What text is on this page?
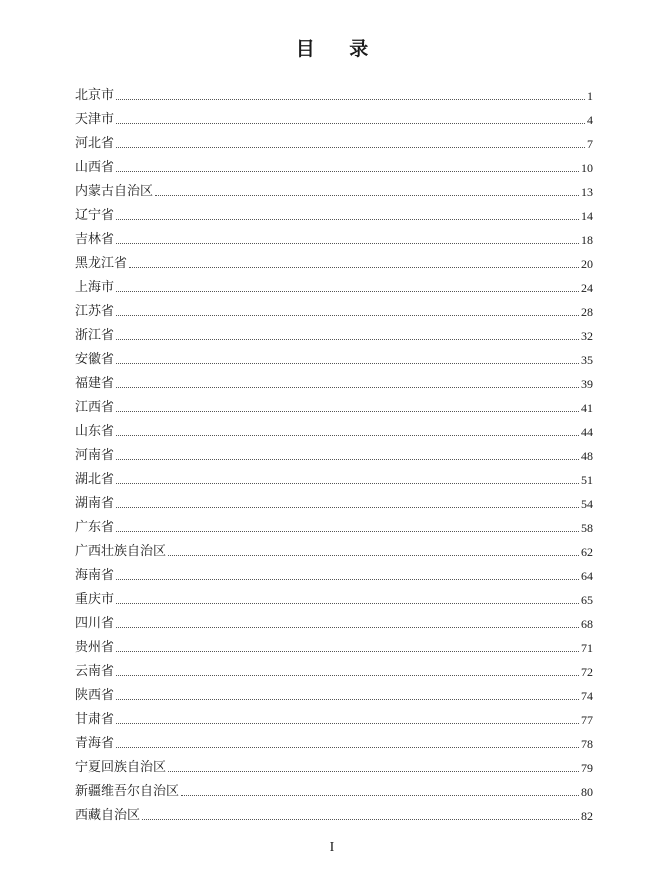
目 录
北京市	1
天津市	4
河北省	7
山西省	10
内蒙古自治区	13
辽宁省	14
吉林省	18
黑龙江省	20
上海市	24
江苏省	28
浙江省	32
安徽省	35
福建省	39
江西省	41
山东省	44
河南省	48
湖北省	51
湖南省	54
广东省	58
广西壮族自治区	62
海南省	64
重庆市	65
四川省	68
贵州省	71
云南省	72
陕西省	74
甘肃省	77
青海省	78
宁夏回族自治区	79
新疆维吾尔自治区	80
西藏自治区	82
I
